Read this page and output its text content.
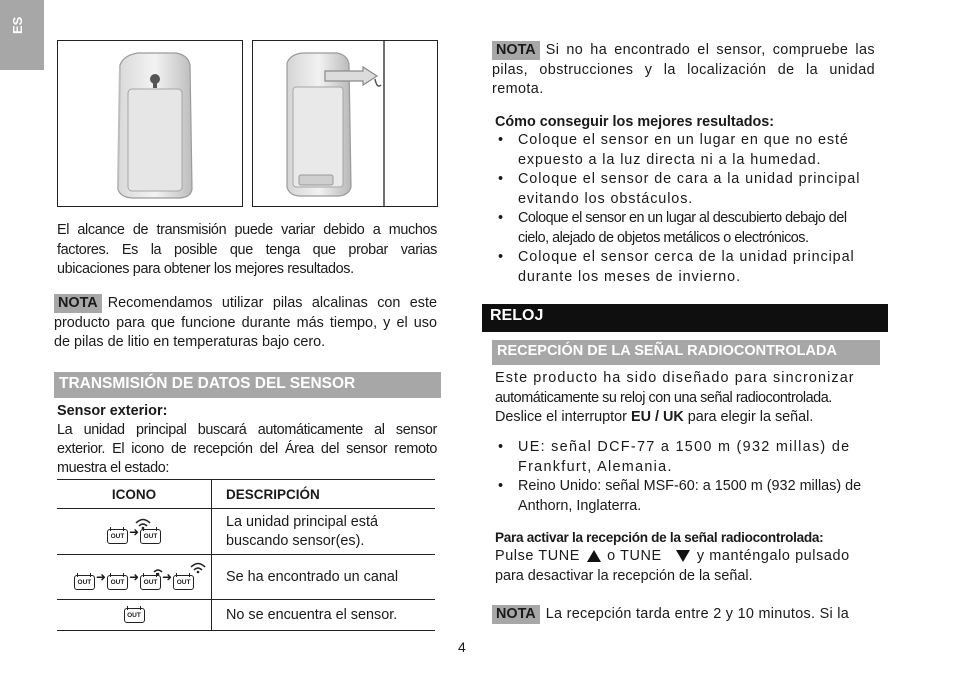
ES
El alcance de transmisión puede variar debido a muchos factores. Es la posible que tenga que probar varias ubicaciones para obtener los mejores resultados.
NOTA Recomendamos utilizar pilas alcalinas con este producto para que funcione durante más tiempo, y el uso de pilas de litio en temperaturas bajo cero.
TRANSMISIÓN DE DATOS DEL SENSOR
Sensor exterior:
La unidad principal buscará automáticamente al sensor exterior. El icono de recepción del Área del sensor remoto muestra el estado:
ICONO	DESCRIPCIÓN

OUT ➜ OUT	La unidad principal está buscando sensor(es).

OUT ➜ OUT ➜ OUT ➜ OUT	Se ha encontrado un canal
OUT	No se encuentra el sensor.
NOTA Si no ha encontrado el sensor, compruebe las pilas, obstrucciones y la localización de la unidad remota.
Cómo conseguir los mejores resultados:
• Coloque el sensor en un lugar en que no esté expuesto a la luz directa ni a la humedad.
• Coloque el sensor de cara a la unidad principal evitando los obstáculos.
• Coloque el sensor en un lugar al descubierto debajo del cielo, alejado de objetos metálicos o electrónicos.
• Coloque el sensor cerca de la unidad principal durante los meses de invierno.
RELOJ
RECEPCIÓN DE LA SEÑAL RADIOCONTROLADA
Este producto ha sido diseñado para sincronizar
automáticamente su reloj con una señal radiocontrolada.
Deslice el interruptor EU / UK para elegir la señal.
• UE: señal DCF-77 a 1500 m (932 millas) de Frankfurt, Alemania.
• Reino Unido: señal MSF-60: a 1500 m (932 millas) de Anthorn, Inglaterra.
Para activar la recepción de la señal radiocontrolada:
Pulse TUNE o TUNE y manténgalo pulsado
para desactivar la recepción de la señal.
NOTA La recepción tarda entre 2 y 10 minutos. Si la
4
